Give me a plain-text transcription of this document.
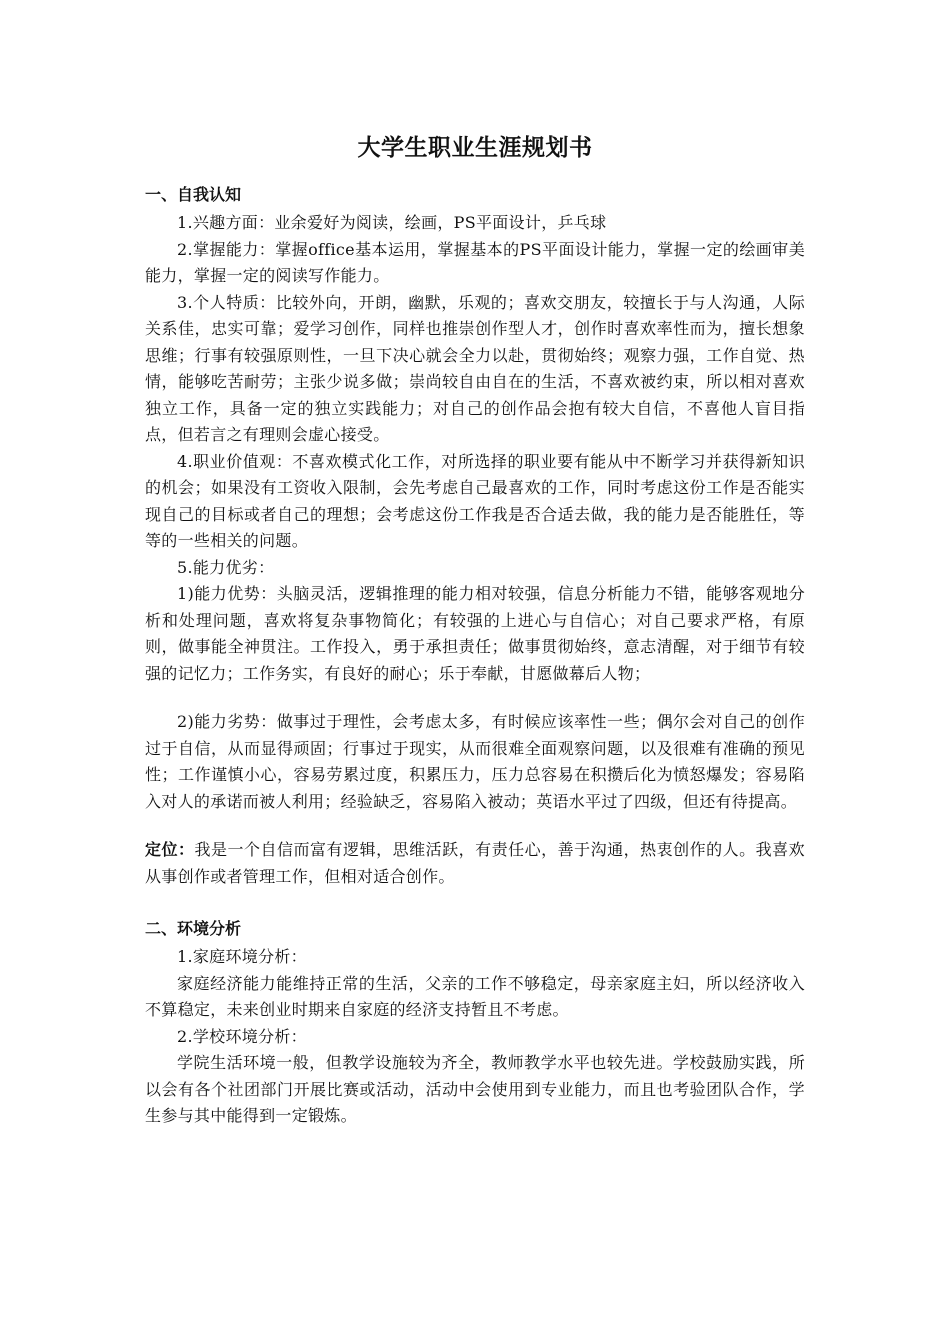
大学生职业生涯规划书
一、自我认知

1.兴趣方面：业余爱好为阅读，绘画，PS平面设计，乒乓球

2.掌握能力：掌握office基本运用，掌握基本的PS平面设计能力，掌握一定的绘画审美能力，掌握一定的阅读写作能力。

3.个人特质：比较外向，开朗，幽默，乐观的；喜欢交朋友，较擅长于与人沟通，人际关系佳，忠实可靠；爱学习创作，同样也推崇创作型人才，创作时喜欢率性而为，擅长想象思维；行事有较强原则性，一旦下决心就会全力以赴，贯彻始终；观察力强，工作自觉、热情，能够吃苦耐劳；主张少说多做；崇尚较自由自在的生活，不喜欢被约束，所以相对喜欢独立工作，具备一定的独立实践能力；对自己的创作品会抱有较大自信，不喜他人盲目指点，但若言之有理则会虚心接受。

4.职业价值观：不喜欢模式化工作，对所选择的职业要有能从中不断学习并获得新知识的机会；如果没有工资收入限制，会先考虑自己最喜欢的工作，同时考虑这份工作是否能实现自己的目标或者自己的理想；会考虑这份工作我是否合适去做，我的能力是否能胜任，等等的一些相关的问题。

5.能力优劣：

1)能力优势：头脑灵活，逻辑推理的能力相对较强，信息分析能力不错，能够客观地分析和处理问题，喜欢将复杂事物简化；有较强的上进心与自信心；对自己要求严格，有原则，做事能全神贯注。工作投入，勇于承担责任；做事贯彻始终，意志清醒，对于细节有较强的记忆力；工作务实，有良好的耐心；乐于奉献，甘愿做幕后人物；

2)能力劣势：做事过于理性，会考虑太多，有时候应该率性一些；偶尔会对自己的创作过于自信，从而显得顽固；行事过于现实，从而很难全面观察问题，以及很难有准确的预见性；工作谨慎小心，容易劳累过度，积累压力，压力总容易在积攒后化为愤怒爆发；容易陷入对人的承诺而被人利用；经验缺乏，容易陷入被动；英语水平过了四级，但还有待提高。

定位：我是一个自信而富有逻辑，思维活跃，有责任心，善于沟通，热衷创作的人。我喜欢从事创作或者管理工作，但相对适合创作。

二、环境分析

1.家庭环境分析：

家庭经济能力能维持正常的生活，父亲的工作不够稳定，母亲家庭主妇，所以经济收入不算稳定，未来创业时期来自家庭的经济支持暂且不考虑。

2.学校环境分析：

学院生活环境一般，但教学设施较为齐全，教师教学水平也较先进。学校鼓励实践，所以会有各个社团部门开展比赛或活动，活动中会使用到专业能力，而且也考验团队合作，学生参与其中能得到一定锻炼。
